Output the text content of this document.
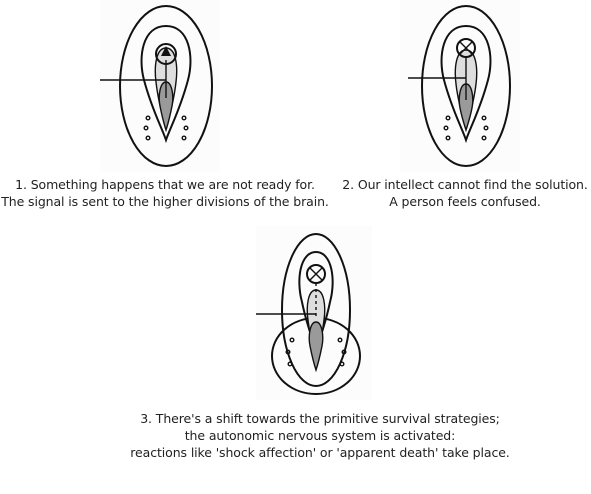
1. Something happens that we are not ready for.
The signal is sent to the higher divisions of the brain.
2. Our intellect cannot find the solution.
A person feels confused.
3. There's a shift towards the primitive survival strategies;
the autonomic nervous system is activated:
reactions like 'shock affection' or 'apparent death' take place.
